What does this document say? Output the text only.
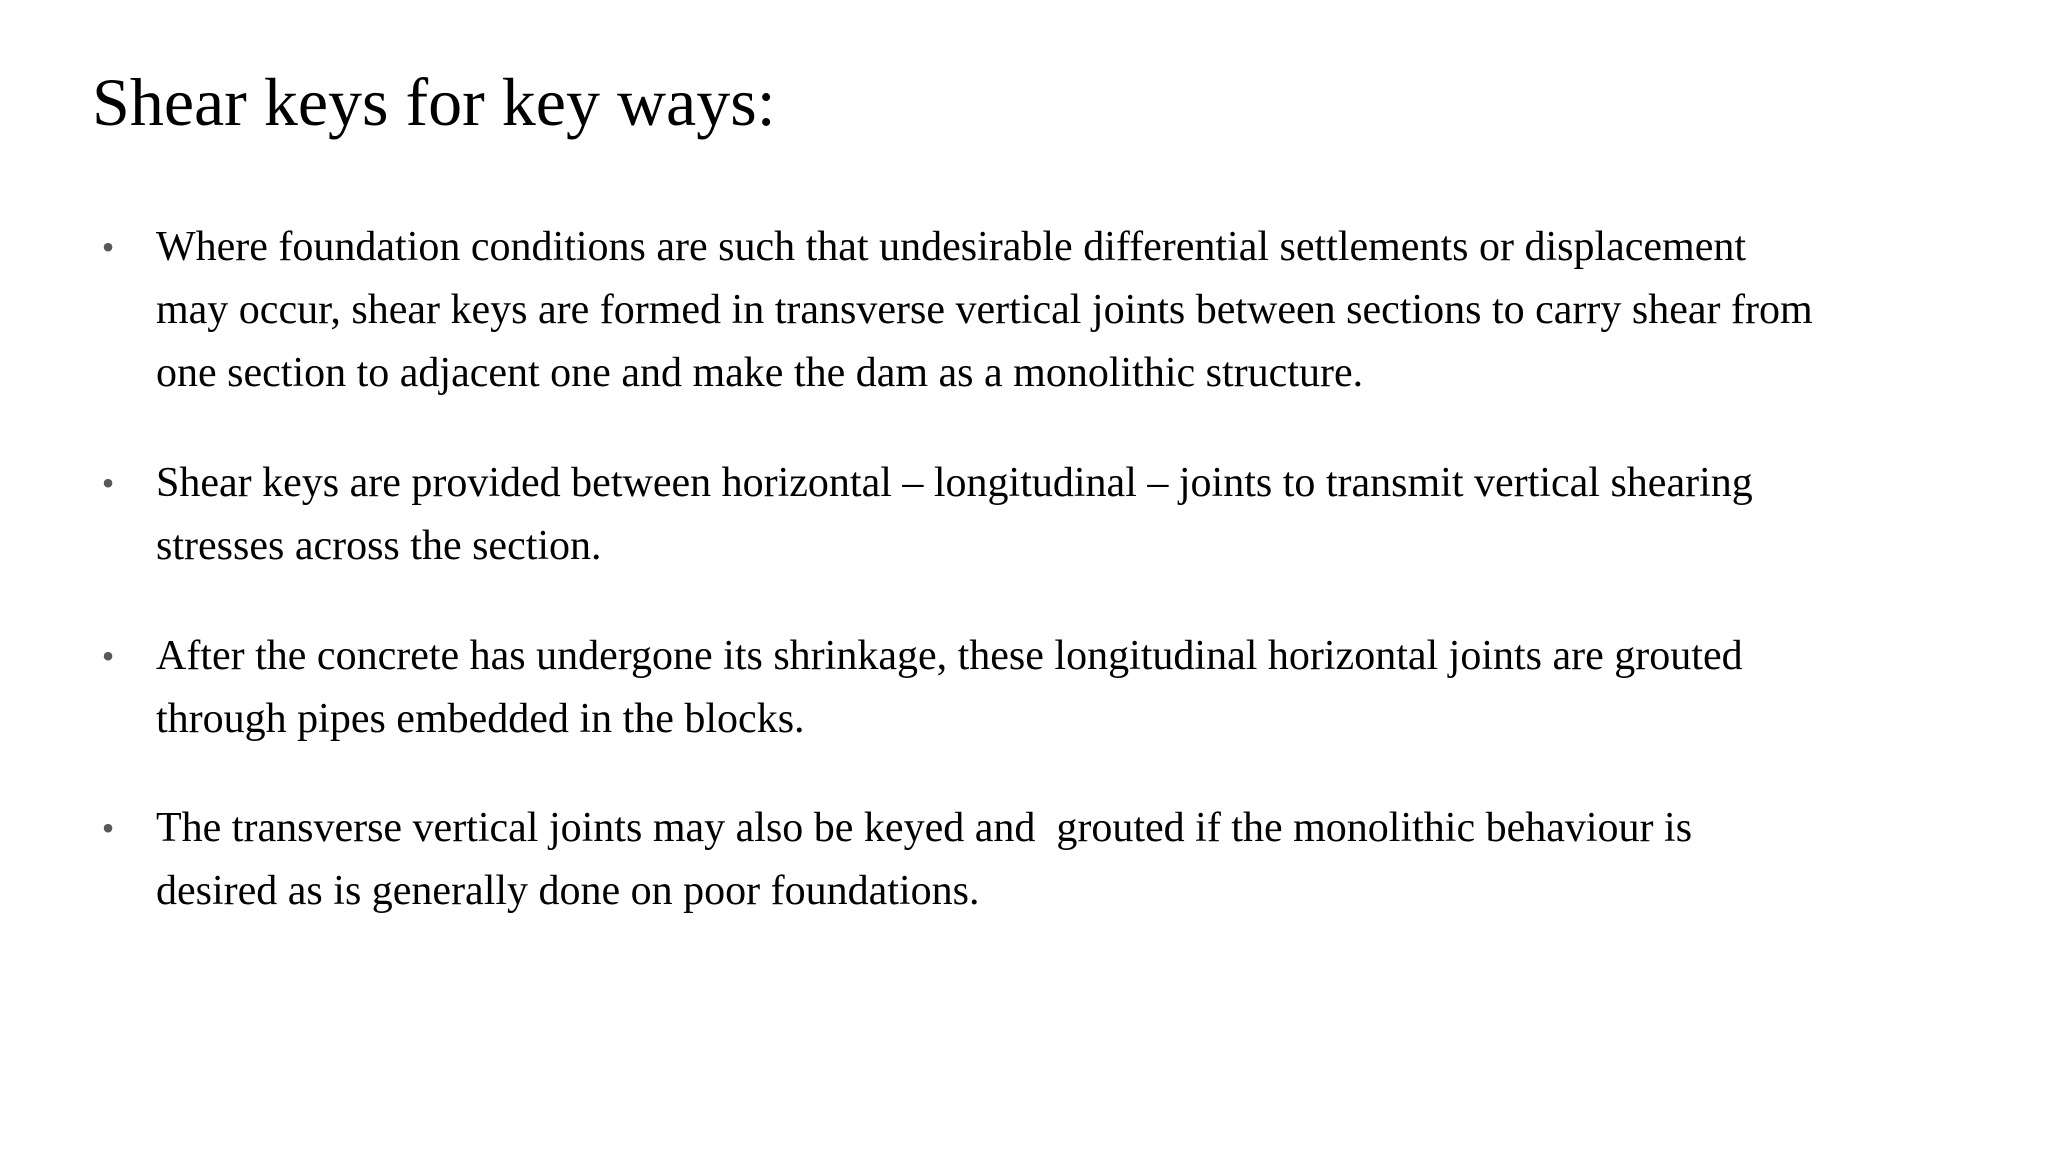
Shear keys for key ways:
• Where foundation conditions are such that undesirable differential settlements or displacement
may occur, shear keys are formed in transverse vertical joints between sections to carry shear from
one section to adjacent one and make the dam as a monolithic structure.
• Shear keys are provided between horizontal – longitudinal – joints to transmit vertical shearing
stresses across the section.
• After the concrete has undergone its shrinkage, these longitudinal horizontal joints are grouted
through pipes embedded in the blocks.
• The transverse vertical joints may also be keyed and  grouted if the monolithic behaviour is
desired as is generally done on poor foundations.
